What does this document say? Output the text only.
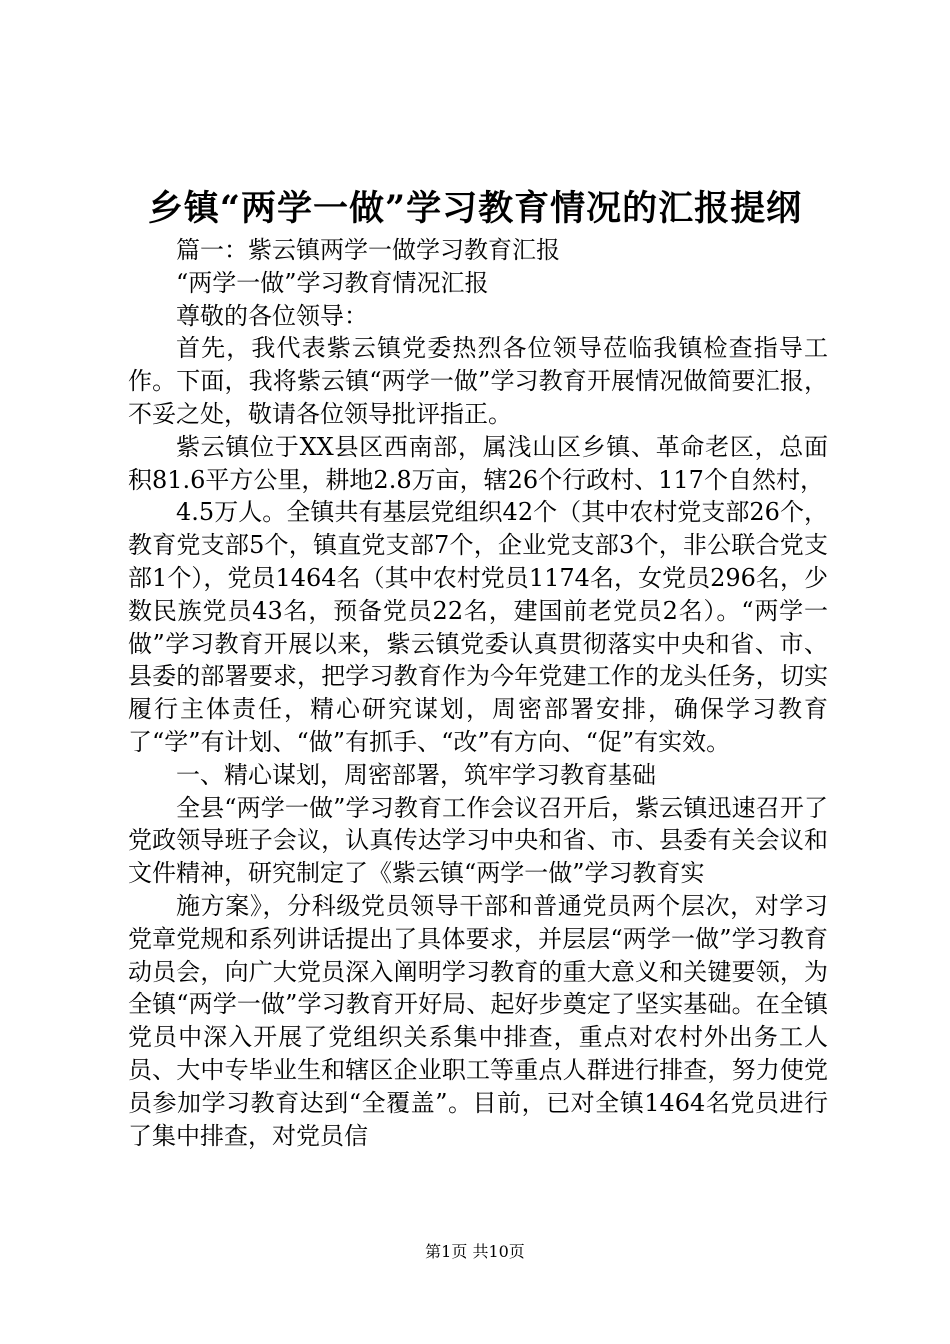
乡镇“两学一做”学习教育情况的汇报提纲

篇一：紫云镇两学一做学习教育汇报

“两学一做”学习教育情况汇报

尊敬的各位领导：

首先，我代表紫云镇党委热烈各位领导莅临我镇检查指导工作。下面，我将紫云镇“两学一做”学习教育开展情况做简要汇报，不妥之处，敬请各位领导批评指正。

紫云镇位于XX县区西南部，属浅山区乡镇、革命老区，总面积81.6平方公里，耕地2.8万亩，辖26个行政村、117个自然村，

4.5万人。全镇共有基层党组织42个（其中农村党支部26个，教育党支部5个，镇直党支部7个，企业党支部3个，非公联合党支部1个），党员1464名（其中农村党员1174名，女党员296名，少数民族党员43名，预备党员22名，建国前老党员2名）。“两学一做”学习教育开展以来，紫云镇党委认真贯彻落实中央和省、市、县委的部署要求，把学习教育作为今年党建工作的龙头任务，切实履行主体责任，精心研究谋划，周密部署安排，确保学习教育了“学”有计划、“做”有抓手、“改”有方向、“促”有实效。

一、精心谋划，周密部署，筑牢学习教育基础

全县“两学一做”学习教育工作会议召开后，紫云镇迅速召开了党政领导班子会议，认真传达学习中央和省、市、县委有关会议和文件精神，研究制定了《紫云镇“两学一做”学习教育实

施方案》，分科级党员领导干部和普通党员两个层次，对学习党章党规和系列讲话提出了具体要求，并层层“两学一做”学习教育动员会，向广大党员深入阐明学习教育的重大意义和关键要领，为全镇“两学一做”学习教育开好局、起好步奠定了坚实基础。在全镇党员中深入开展了党组织关系集中排查，重点对农村外出务工人员、大中专毕业生和辖区企业职工等重点人群进行排查，努力使党员参加学习教育达到“全覆盖”。目前，已对全镇1464名党员进行了集中排查，对党员信

第1页 共10页
